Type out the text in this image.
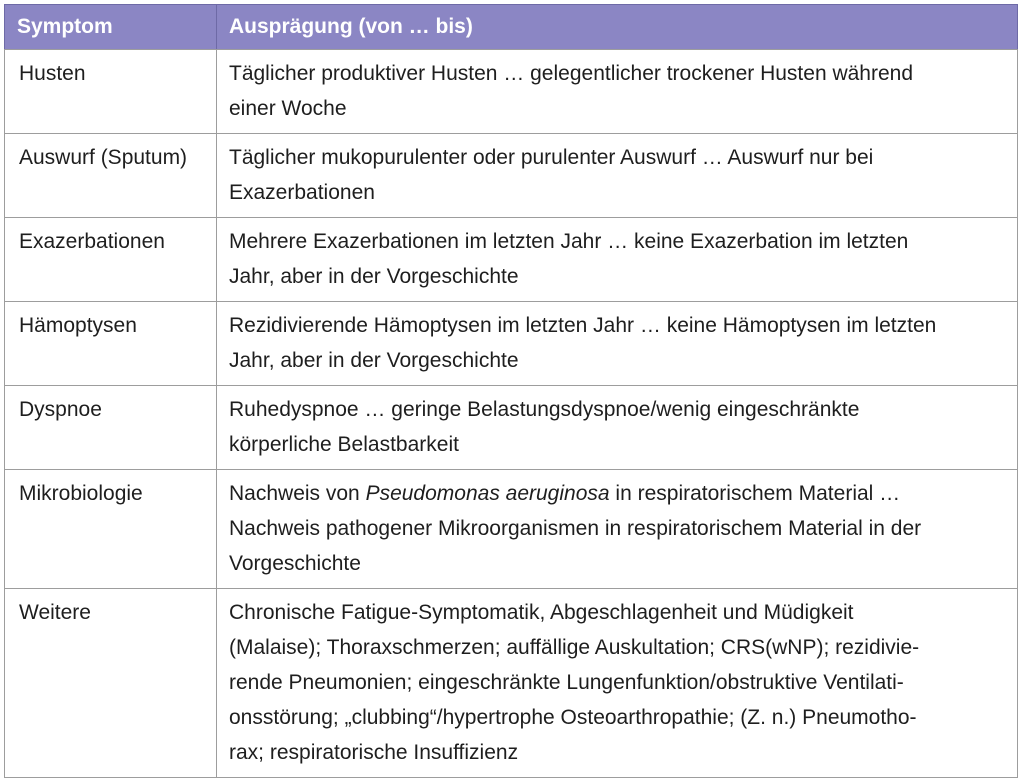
Symptom	Ausprägung (von … bis)
Husten	Täglicher produktiver Husten … gelegentlicher trockener Husten während
einer Woche

Auswurf (Sputum)	Täglicher mukopurulenter oder purulenter Auswurf … Auswurf nur bei
Exazerbationen

Exazerbationen	Mehrere Exazerbationen im letzten Jahr … keine Exazerbation im letzten
Jahr, aber in der Vorgeschichte

Hämoptysen	Rezidivierende Hämoptysen im letzten Jahr … keine Hämoptysen im letzten
Jahr, aber in der Vorgeschichte

Dyspnoe	Ruhedyspnoe … geringe Belastungsdyspnoe/wenig eingeschränkte
körperliche Belastbarkeit

Mikrobiologie	Nachweis von Pseudomonas aeruginosa in respiratorischem Material …
Nachweis pathogener Mikroorganismen in respiratorischem Material in der
Vorgeschichte

Weitere	Chronische Fatigue-Symptomatik, Abgeschlagenheit und Müdigkeit
(Malaise); Thoraxschmerzen; auffällige Auskultation; CRS(wNP); rezidivie-
rende Pneumonien; eingeschränkte Lungenfunktion/obstruktive Ventilati-
onsstörung; „clubbing“/hypertrophe Osteoarthropathie; (Z. n.) Pneumotho-
rax; respiratorische Insuffizienz
